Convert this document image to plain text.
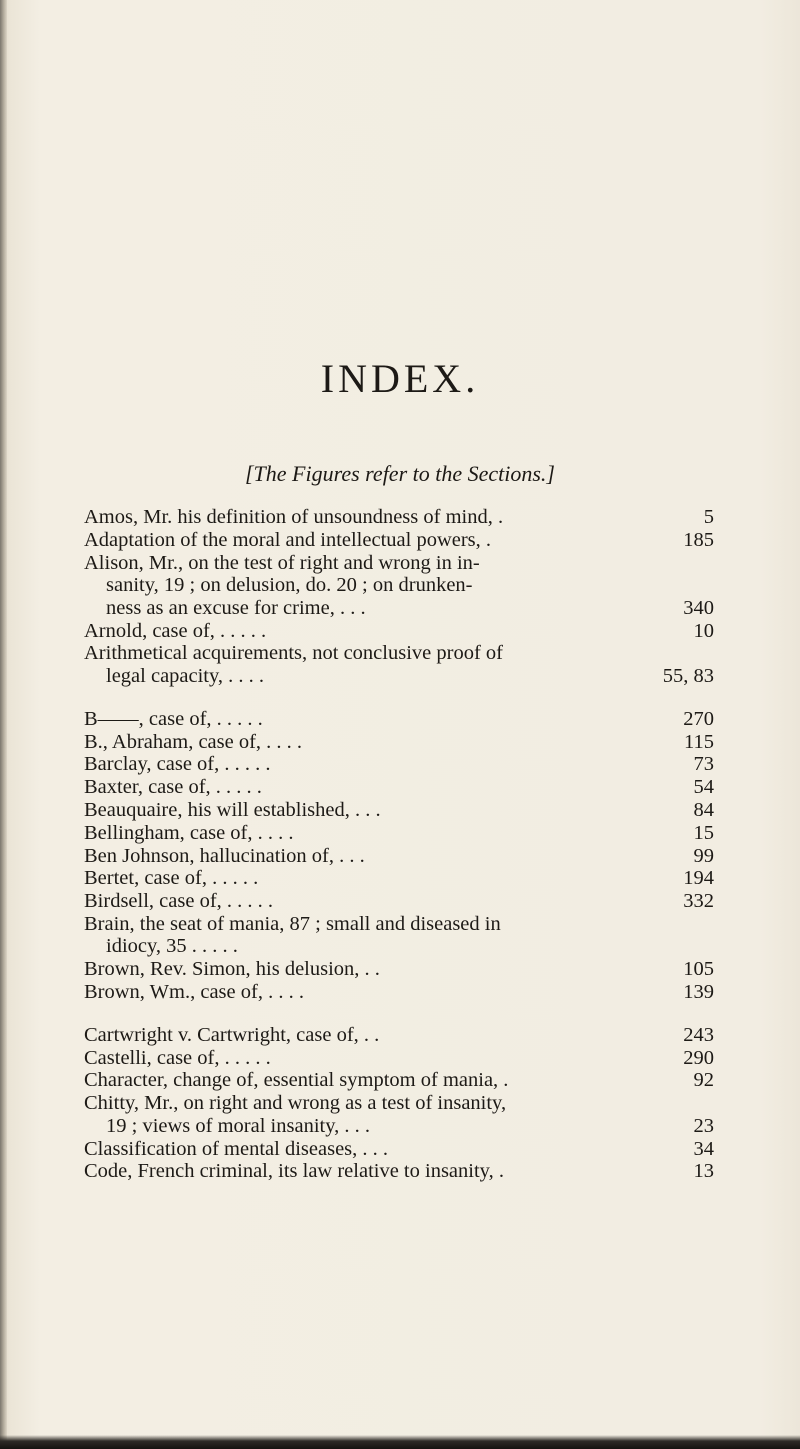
INDEX.
[The Figures refer to the Sections.]
Amos, Mr. his definition of unsoundness of mind, .	5
Adaptation of the moral and intellectual powers, .	185
Alison, Mr., on the test of right and wrong in in-
sanity, 19 ; on delusion, do. 20 ; on drunken-
ness as an excuse for crime, . . .	340
Arnold, case of, . . . . .	10
Arithmetical acquirements, not conclusive proof of
legal capacity, . . . .	55, 83
B——, case of, . . . . .	270
B., Abraham, case of, . . . .	115
Barclay, case of, . . . . .	73
Baxter, case of, . . . . .	54
Beauquaire, his will established, . . .	84
Bellingham, case of, . . . .	15
Ben Johnson, hallucination of, . . .	99
Bertet, case of, . . . . .	194
Birdsell, case of, . . . . .	332
Brain, the seat of mania, 87 ; small and diseased in
idiocy, 35 . . . . .
Brown, Rev. Simon, his delusion, . .	105
Brown, Wm., case of, . . . .	139
Cartwright v. Cartwright, case of, . .	243
Castelli, case of, . . . . .	290
Character, change of, essential symptom of mania, .	92
Chitty, Mr., on right and wrong as a test of insanity,
19 ; views of moral insanity, . . .	23
Classification of mental diseases, . . .	34
Code, French criminal, its law relative to insanity, .	13
